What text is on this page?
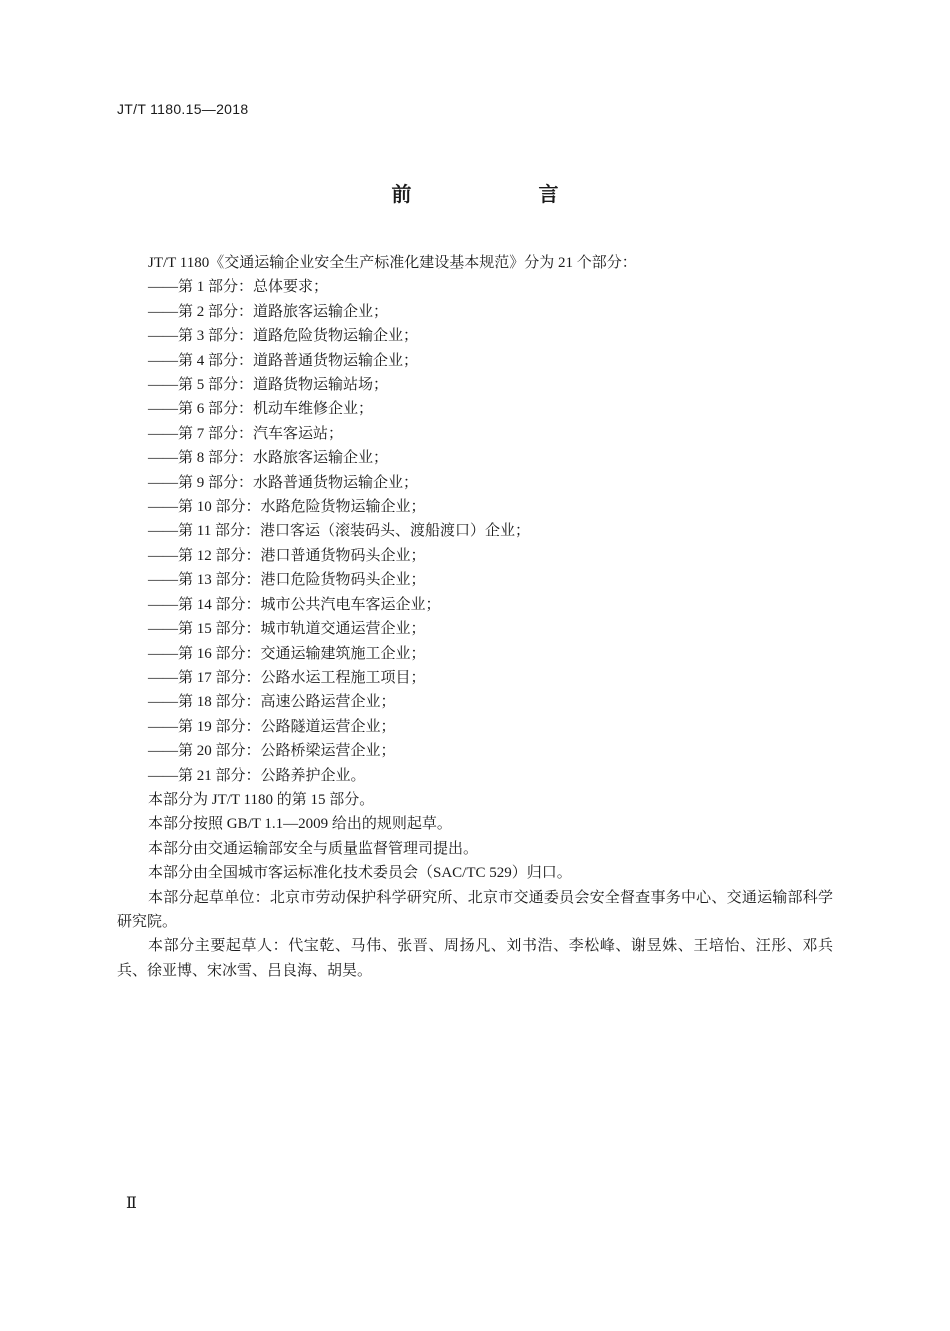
JT/T 1180.15—2018
前 言

JT/T 1180《交通运输企业安全生产标准化建设基本规范》分为 21 个部分：

——第 1 部分：总体要求；

——第 2 部分：道路旅客运输企业；

——第 3 部分：道路危险货物运输企业；

——第 4 部分：道路普通货物运输企业；

——第 5 部分：道路货物运输站场；

——第 6 部分：机动车维修企业；

——第 7 部分：汽车客运站；

——第 8 部分：水路旅客运输企业；

——第 9 部分：水路普通货物运输企业；

——第 10 部分：水路危险货物运输企业；

——第 11 部分：港口客运（滚装码头、渡船渡口）企业；

——第 12 部分：港口普通货物码头企业；

——第 13 部分：港口危险货物码头企业；

——第 14 部分：城市公共汽电车客运企业；

——第 15 部分：城市轨道交通运营企业；

——第 16 部分：交通运输建筑施工企业；

——第 17 部分：公路水运工程施工项目；

——第 18 部分：高速公路运营企业；

——第 19 部分：公路隧道运营企业；

——第 20 部分：公路桥梁运营企业；

——第 21 部分：公路养护企业。

本部分为 JT/T 1180 的第 15 部分。

本部分按照 GB/T 1.1—2009 给出的规则起草。

本部分由交通运输部安全与质量监督管理司提出。

本部分由全国城市客运标准化技术委员会（SAC/TC 529）归口。

本部分起草单位：北京市劳动保护科学研究所、北京市交通委员会安全督查事务中心、交通运输部科学研究院。

本部分主要起草人：代宝乾、马伟、张晋、周扬凡、刘书浩、李松峰、谢昱姝、王培怡、汪彤、邓兵兵、徐亚博、宋冰雪、吕良海、胡昊。

Ⅱ
